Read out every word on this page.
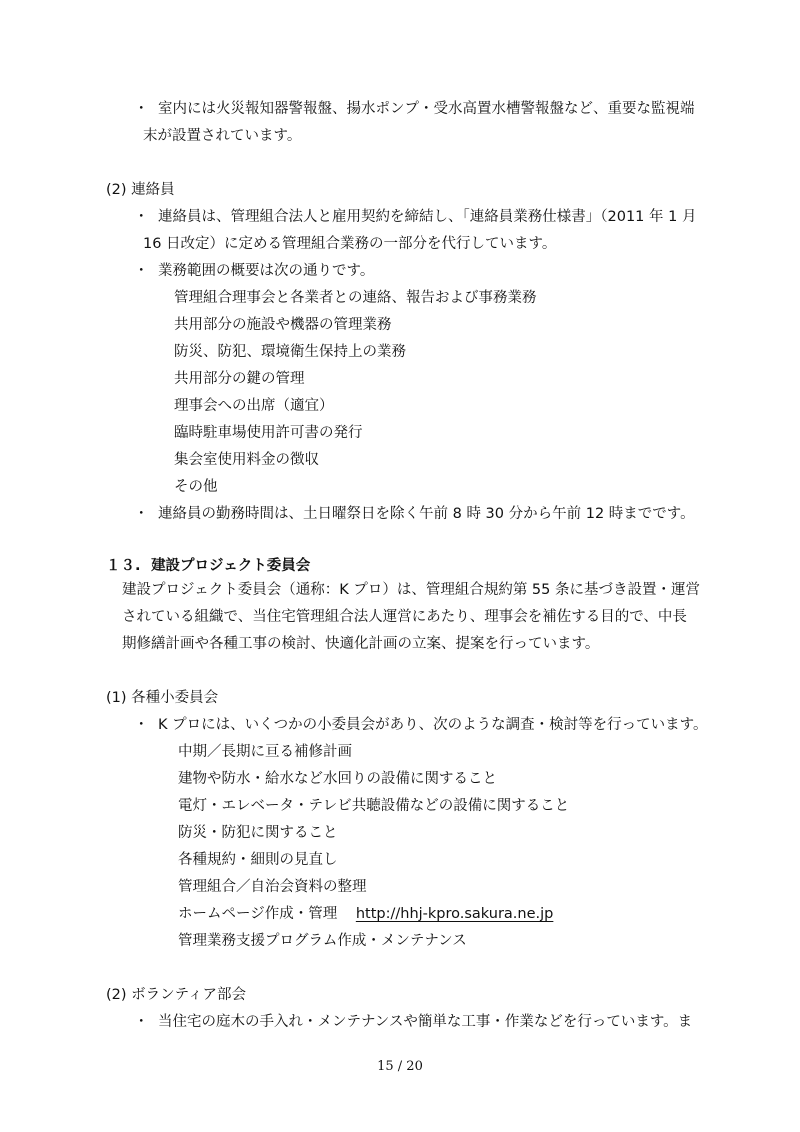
・ 室内には火災報知器警報盤、揚水ポンプ・受水高置水槽警報盤など、重要な監視端
末が設置されています。
(2) 連絡員
・ 連絡員は、管理組合法人と雇用契約を締結し、「連絡員業務仕様書」（2011 年 1 月
16 日改定）に定める管理組合業務の一部分を代行しています。
・ 業務範囲の概要は次の通りです。
管理組合理事会と各業者との連絡、報告および事務業務
共用部分の施設や機器の管理業務
防災、防犯、環境衛生保持上の業務
共用部分の鍵の管理
理事会への出席（適宜）
臨時駐車場使用許可書の発行
集会室使用料金の徴収
その他
・ 連絡員の勤務時間は、土日曜祭日を除く午前 8 時 30 分から午前 12 時までです。
１３. 建設プロジェクト委員会
建設プロジェクト委員会（通称：K プロ）は、管理組合規約第 55 条に基づき設置・運営
されている組織で、当住宅管理組合法人運営にあたり、理事会を補佐する目的で、中長
期修繕計画や各種工事の検討、快適化計画の立案、提案を行っています。
(1) 各種小委員会
・ K プロには、いくつかの小委員会があり、次のような調査・検討等を行っています。
中期／長期に亘る補修計画
建物や防水・給水など水回りの設備に関すること
電灯・エレベータ・テレビ共聴設備などの設備に関すること
防災・防犯に関すること
各種規約・細則の見直し
管理組合／自治会資料の整理
ホームページ作成・管理 http://hhj-kpro.sakura.ne.jp
管理業務支援プログラム作成・メンテナンス
(2) ボランティア部会
・ 当住宅の庭木の手入れ・メンテナンスや簡単な工事・作業などを行っています。ま
15 / 20
